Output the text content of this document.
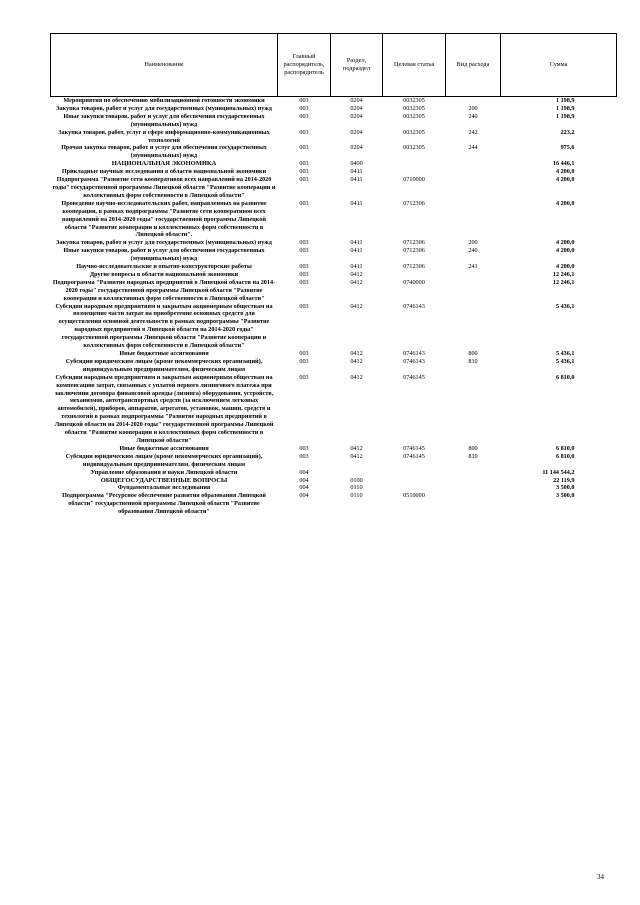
Наименование	Главный распорядитель, распорядитель	Раздел, подраздел	Целевая статья	Вид расхода	Сумма
Мероприятия по обеспечению мобилизационной готовности экономики	003	0204	0032305		1 198,9
Закупка товаров, работ и услуг для государственных (муниципальных) нужд	003	0204	0032305	200	1 198,9
Иные закупки товаров, работ и услуг для обеспечения государственных (муниципальных) нужд	003	0204	0032305	240	1 198,9
Закупка товаров, работ, услуг в сфере информационно-коммуникационных технологий	003	0204	0032305	242	223,2
Прочая закупка товаров, работ и услуг для обеспечения государственных (муниципальных) нужд	003	0204	0032305	244	975,6
НАЦИОНАЛЬНАЯ ЭКОНОМИКА	003	0400			16 446,1
Прикладные научные исследования в области национальной экономики	003	0411			4 200,0
Подпрограмма "Развитие сети кооперативов всех направлений на 2014-2020 годы" государственной программы Липецкой области "Развитие кооперации и коллективных форм собственности в Липецкой области"	003	0411	0710000		4 200,0
Проведение научно-исследовательских работ, направленных на развитие кооперации, в рамках подпрограммы "Развитие сети кооперативов всех направлений на 2014-2020 годы" государственной программы Липецкой области "Развитие кооперации и коллективных форм собственности в Липецкой области".	003	0411	0712306		4 200,0
Закупка товаров, работ и услуг для государственных (муниципальных) нужд	003	0411	0712306	200	4 200,0
Иные закупки товаров, работ и услуг для обеспечения государственных (муниципальных) нужд	003	0411	0712306	240	4 200,0
Научно-исследовательские и опытно-конструкторские работы	003	0411	0712306	241	4 200,0
Другие вопросы в области национальной экономики	003	0412			12 246,1
Подпрограмма "Развитие народных предприятий в Липецкой области на 2014-2020 годы" государственной программы Липецкой области "Развитие кооперации и коллективных форм собственности в Липецкой области"	003	0412	0740000		12 246,1
Субсидии народным предприятиям и закрытым акционерным обществам на возмещение части затрат на приобретение основных средств для осуществления основной деятельности в рамках подпрограммы "Развитие народных предприятий в Липецкой области на 2014-2020 годы" государственной программы Липецкой области "Развитие кооперации и коллективных форм собственности в Липецкой области"	003	0412	0746143		5 436,1
Иные бюджетные ассигнования	003	0412	0746143	800	5 436,1
Субсидии юридическим лицам (кроме некоммерческих организаций), индивидуальным предпринимателям, физическим лицам	003	0412	0746143	810	5 436,1
Субсидии народным предприятиям и закрытым акционерным обществам на компенсацию затрат, связанных с уплатой первого лизингового платежа при заключении договора финансовой аренды (лизинга) оборудования, устройств, механизмов, автотранспортных средств (за исключением легковых автомобилей), приборов, аппаратов, агрегатов, установок, машин, средств и технологий в рамках подпрограммы "Развитие народных предприятий в Липецкой области на 2014-2020 годы" государственной программы Липецкой области "Развитие кооперации и коллективных форм собственности в Липецкой области"	003	0412	0746145		6 810,0
Иные бюджетные ассигнования	003	0412	0746145	800	6 810,0
Субсидии юридическим лицам (кроме некоммерческих организаций), индивидуальным предпринимателям, физическим лицам	003	0412	0746145	810	6 810,0
Управление образования и науки Липецкой области	004				11 144 544,2
ОБЩЕГОСУДАРСТВЕННЫЕ ВОПРОСЫ	004	0100			22 119,9
Фундаментальные исследования	004	0110			3 500,0
Подпрограмма "Ресурсное обеспечение развития образования Липецкой области" государственной программы Липецкой области "Развитие образования Липецкой области"	004	0110	0510000		3 500,0
34
